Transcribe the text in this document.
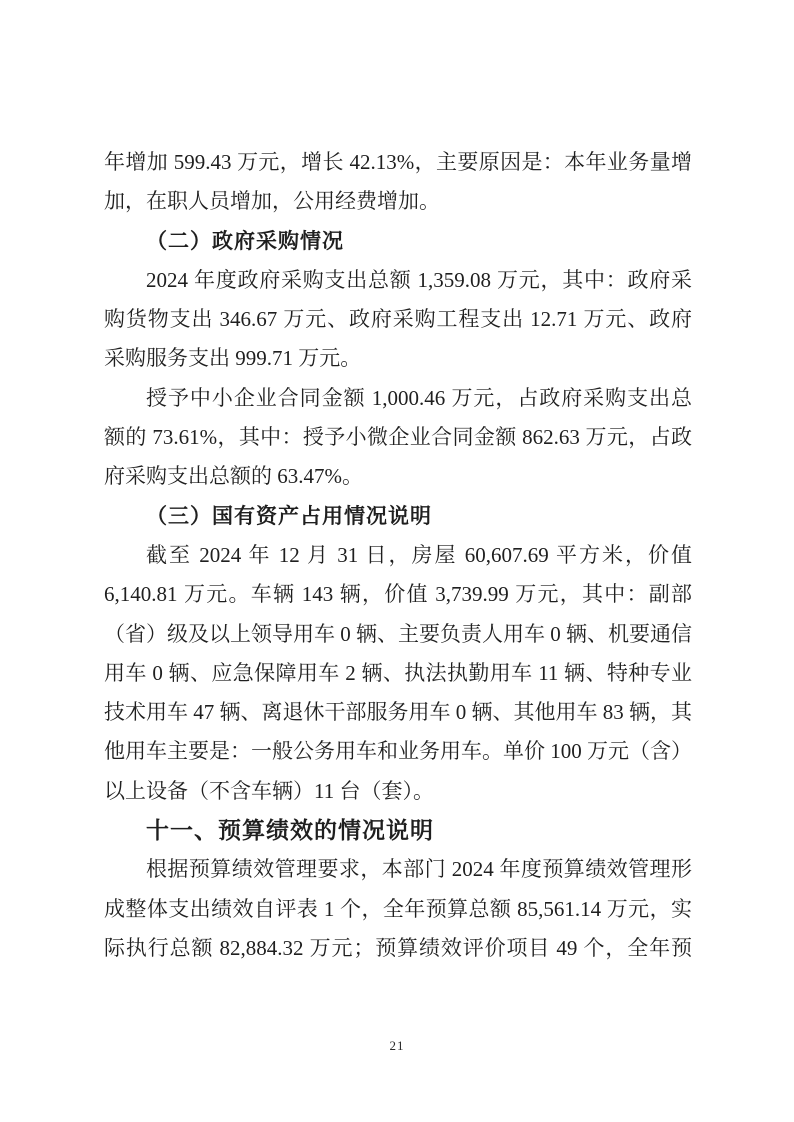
年增加 599.43 万元，增长 42.13%，主要原因是：本年业务量增
加，在职人员增加，公用经费增加。
（二）政府采购情况
2024 年度政府采购支出总额 1,359.08 万元，其中：政府采
购货物支出 346.67 万元、政府采购工程支出 12.71 万元、政府
采购服务支出 999.71 万元。
授予中小企业合同金额 1,000.46 万元，占政府采购支出总
额的 73.61%，其中：授予小微企业合同金额 862.63 万元，占政
府采购支出总额的 63.47%。
（三）国有资产占用情况说明
截至 2024 年 12 月 31 日，房屋 60,607.69 平方米，价值
6,140.81 万元。车辆 143 辆，价值 3,739.99 万元，其中：副部
（省）级及以上领导用车 0 辆、主要负责人用车 0 辆、机要通信
用车 0 辆、应急保障用车 2 辆、执法执勤用车 11 辆、特种专业
技术用车 47 辆、离退休干部服务用车 0 辆、其他用车 83 辆，其
他用车主要是：一般公务用车和业务用车。单价 100 万元（含）
以上设备（不含车辆）11 台（套）。
十一、预算绩效的情况说明
根据预算绩效管理要求，本部门 2024 年度预算绩效管理形
成整体支出绩效自评表 1 个，全年预算总额 85,561.14 万元，实
际执行总额 82,884.32 万元；预算绩效评价项目 49 个，全年预
21
